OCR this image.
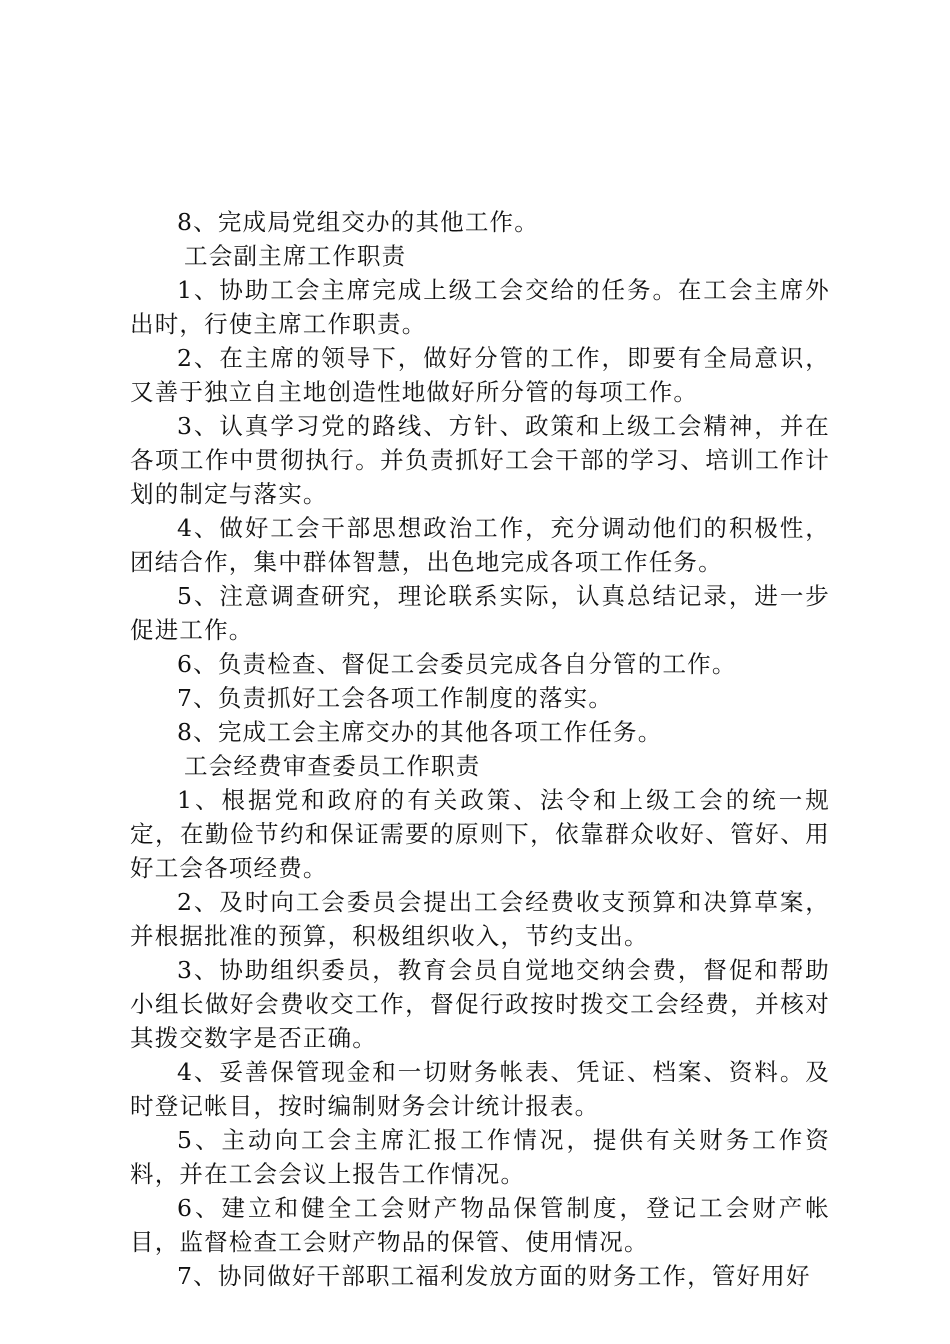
8、完成局党组交办的其他工作。

工会副主席工作职责

1、协助工会主席完成上级工会交给的任务。在工会主席外出时，行使主席工作职责。

2、在主席的领导下，做好分管的工作，即要有全局意识，又善于独立自主地创造性地做好所分管的每项工作。

3、认真学习党的路线、方针、政策和上级工会精神，并在各项工作中贯彻执行。并负责抓好工会干部的学习、培训工作计划的制定与落实。

4、做好工会干部思想政治工作，充分调动他们的积极性，团结合作，集中群体智慧，出色地完成各项工作任务。

5、注意调查研究，理论联系实际，认真总结记录，进一步促进工作。

6、负责检查、督促工会委员完成各自分管的工作。

7、负责抓好工会各项工作制度的落实。

8、完成工会主席交办的其他各项工作任务。

工会经费审查委员工作职责

1、根据党和政府的有关政策、法令和上级工会的统一规定，在勤俭节约和保证需要的原则下，依靠群众收好、管好、用好工会各项经费。

2、及时向工会委员会提出工会经费收支预算和决算草案，并根据批准的预算，积极组织收入，节约支出。

3、协助组织委员，教育会员自觉地交纳会费，督促和帮助小组长做好会费收交工作，督促行政按时拨交工会经费，并核对其拨交数字是否正确。

4、妥善保管现金和一切财务帐表、凭证、档案、资料。及时登记帐目，按时编制财务会计统计报表。

5、主动向工会主席汇报工作情况，提供有关财务工作资料，并在工会会议上报告工作情况。

6、建立和健全工会财产物品保管制度，登记工会财产帐目，监督检查工会财产物品的保管、使用情况。

7、协同做好干部职工福利发放方面的财务工作，管好用好
